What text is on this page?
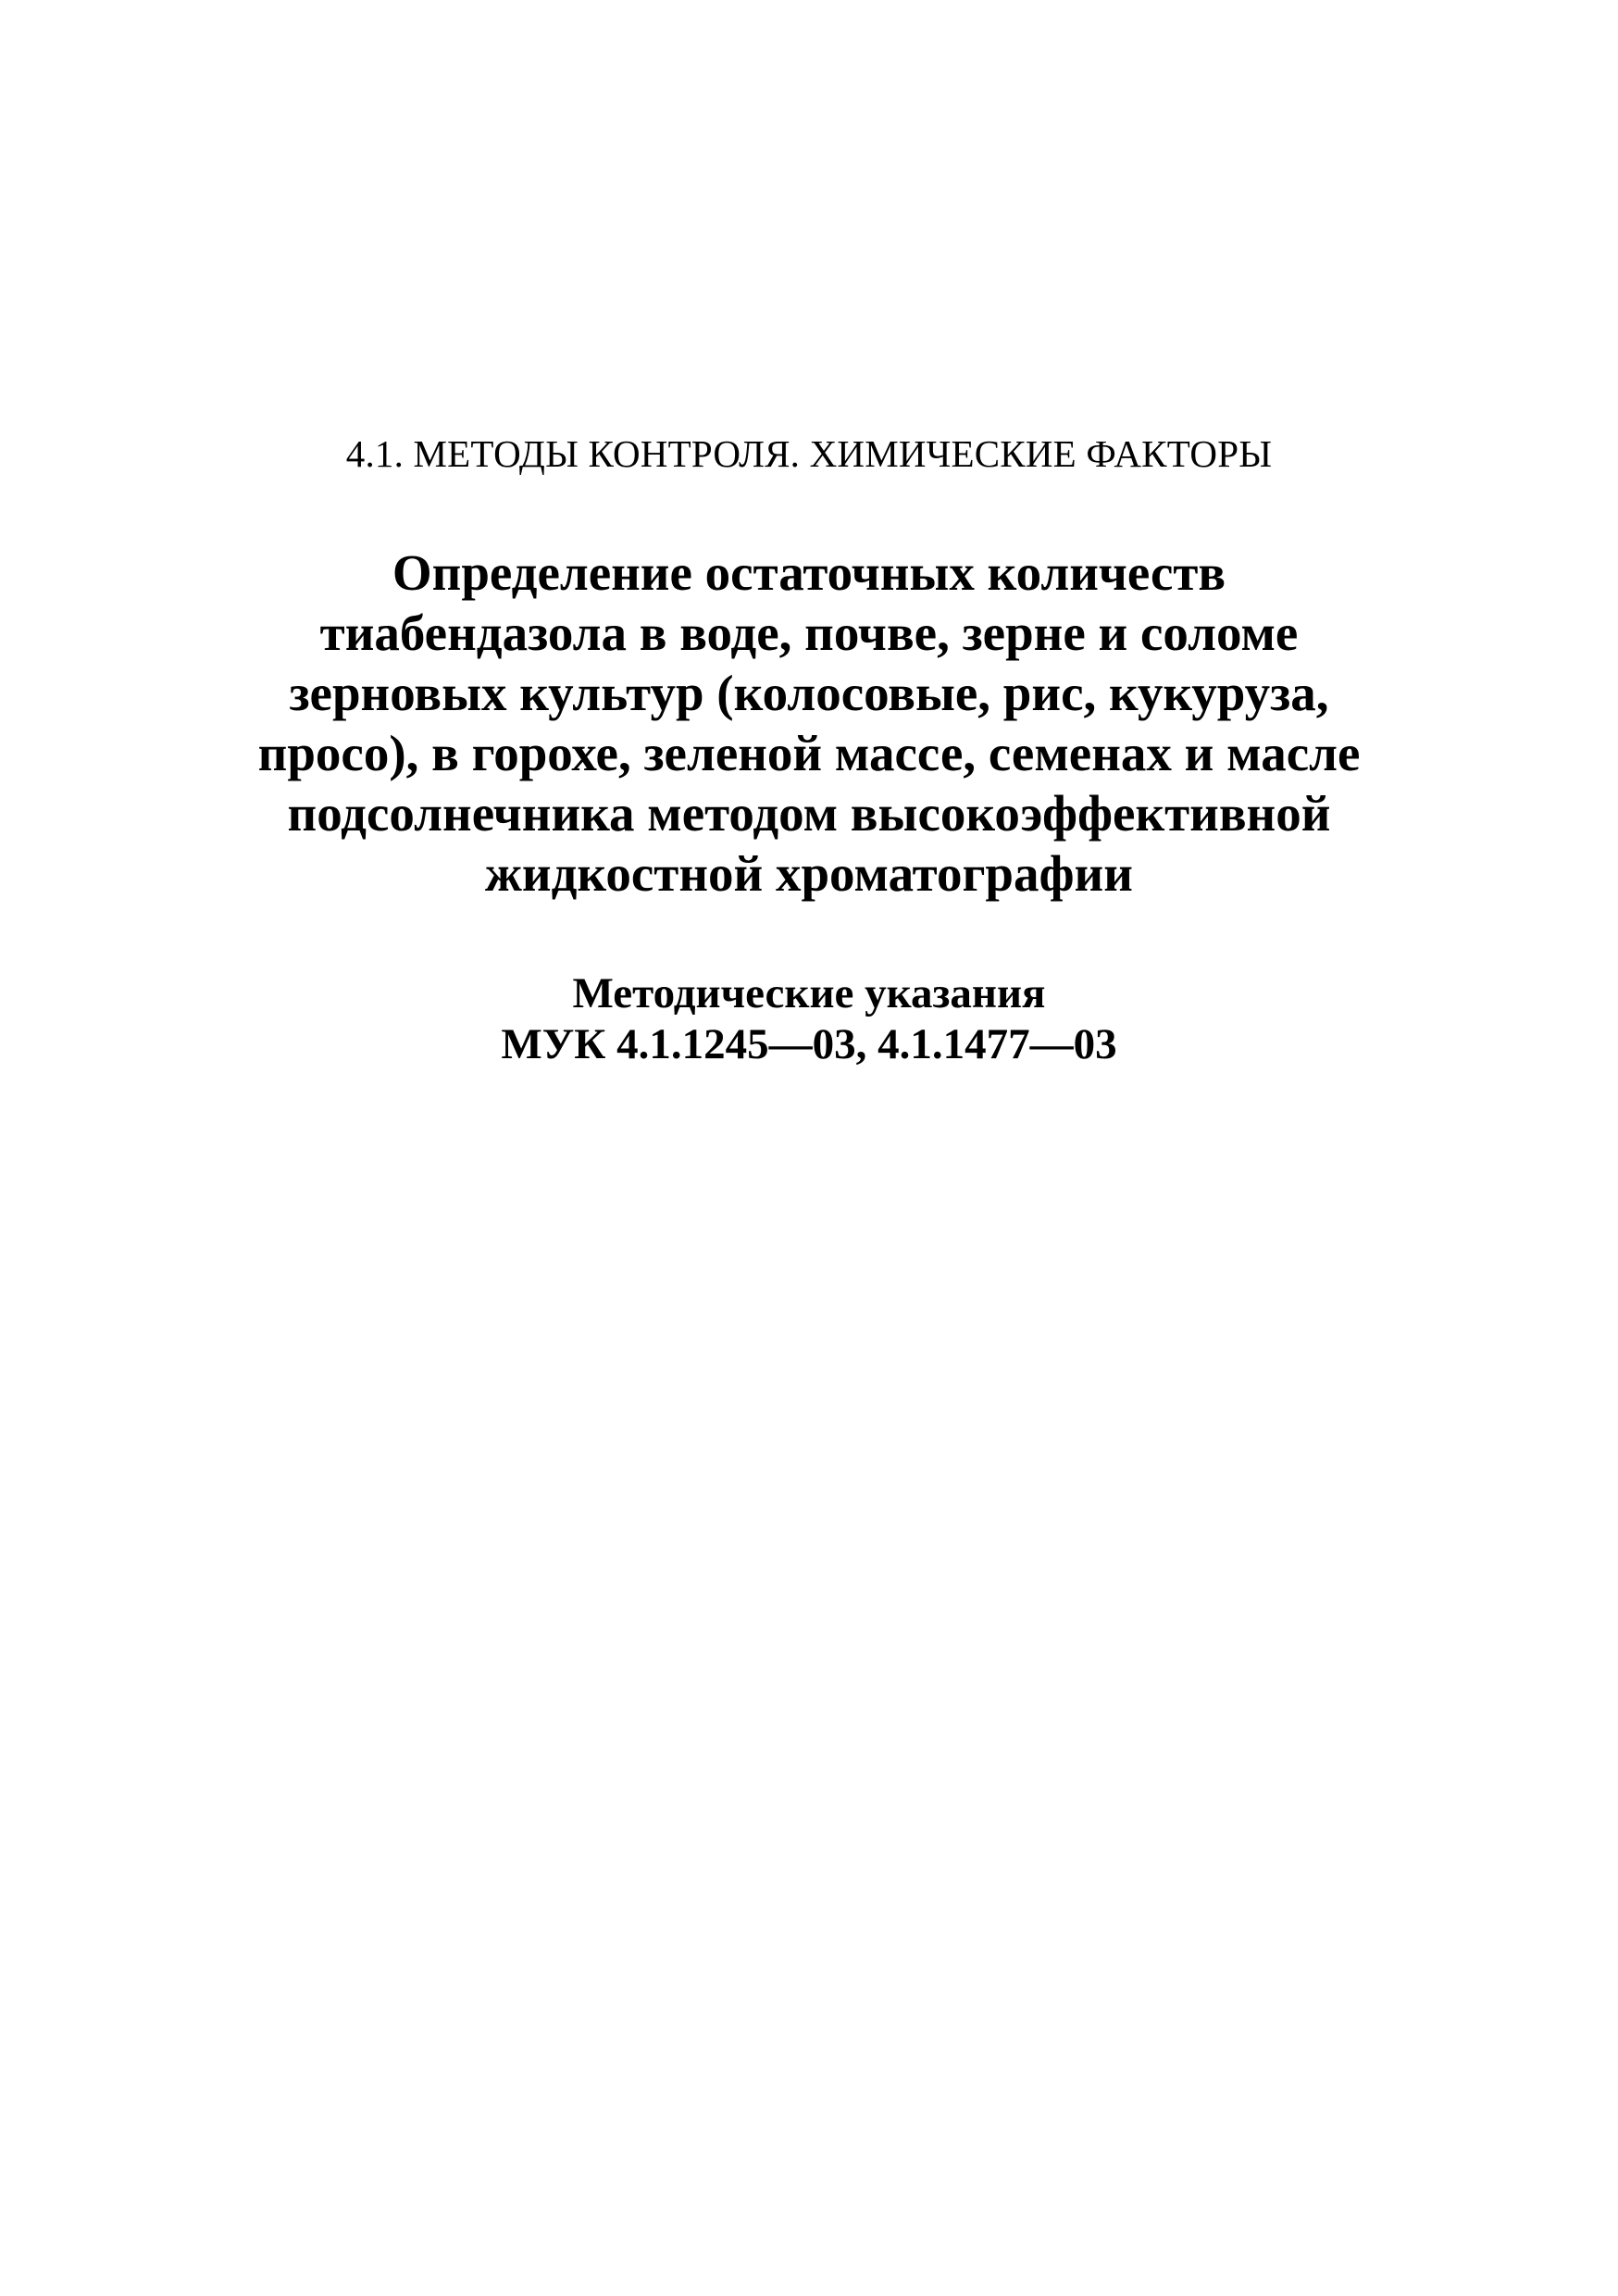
4.1. МЕТОДЫ КОНТРОЛЯ. ХИМИЧЕСКИЕ ФАКТОРЫ
Определение остаточных количеств
тиабендазола в воде, почве, зерне и соломе
зерновых культур (колосовые, рис, кукуруза,
просо), в горохе, зеленой массе, семенах и масле
подсолнечника методом высокоэффективной
жидкостной хроматографии
Методические указания
МУК 4.1.1245—03, 4.1.1477—03
